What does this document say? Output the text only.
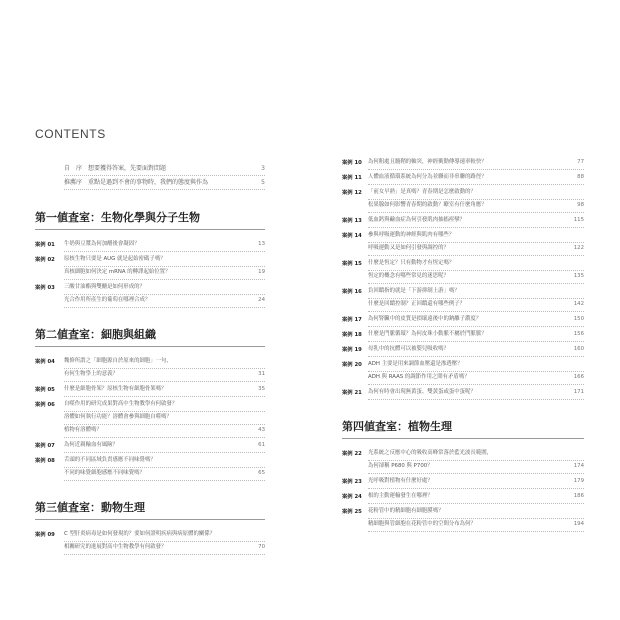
CONTENTS
自　序 想要獲得答案，先要面對問題	3
推薦序 重點是過到不會的事物時，我們的態度與作為	5
第一値査室：生物化學與分子生物
案例 01 牛奶與豆漿為何加醋後會凝固？	13
案例 02 原核生物只要是 AUG 就是起始密碼子嗎？
真核細胞如何決定 mRNA 的轉譯起始位置？	19
案例 03 三酸甘油酯與雙醣是如何形成的？
光合作用所產生的葡萄在哪裡合成？	24
第二値査室：細胞與組織
案例 04 魏修所謂之「細胞源自於原來的細胞」一句，
有何生物學上的意義？	31
案例 05 什麼是細胞骨架？原核生物有細胞骨架嗎？	35
案例 06 自噬作用的研究成果對高中生物教學有何啟發？
溶體如何執行功能？溶體會參與細胞自噬嗎？
植物有溶體嗎？	43
案例 07 為何近親輸血有風險？	61
案例 08 舌頭的不同區域負責感應不同味覺嗎？
不同的味覺細胞感應不同味覺嗎？	65
第三値査室：動物生理
案例 09 C 型肝炎病毒是如何發現的？要如何證明疾病與病原體的關係？
相關研究的進展對高中生物教學有何啟發？	70
案例 10 為何粗處且髓鞘的軸突，神經衝動傳導速率較快？	77
案例 11 人體血液循環系統為何分為並聯而非串聯的路徑？	88
案例 12 「前女早熟」是真嗎？青春期是怎麼啟動的？
松果腺如何影響青春期的啟動？瞭室有什麼角應？	98
案例 13 低血鈣與鹼血症為何引發肌肉抽搐痙攣？	115
案例 14 參與呼吸運動的神經與肌肉有哪些？
呼吸運動又是如何引發與調控的？	122
案例 15 什麼是恆定？只有動物才有恆定嗎？
恆定的概念有哪些常見的迷思呢？	135
案例 16 負回饋指的就是「下游抑制上游」嗎？
什麼是回饋控制？正回饋還有哪些例子？	142
案例 17 為何腎臟中的皮質是損壞遠後中的鈉離子濃度？	150
案例 18 什麼是門脈循環？為何皮珠小動脈不屬於門脈脈？	156
案例 19 母乳中的抗體可以被嬰兒吸收嗎？	160
案例 20 ADH 主要是用來調節血壓還是滲透壓？
ADH 與 RAAS 的調節作用之間有矛盾嗎？	166
案例 21 為何有時會出現無黃蛋、雙黃蛋或蛋中蛋呢？	171
第四値査室：植物生理
案例 22 光系統之反應中心的吸收高峰常落於藍光波長範圍，
為何卻稱 P680 與 P700？	174
案例 23 光呼吸對植物有什麼好處？	179
案例 24 根的主動運輸發生在哪裡？	186
案例 25 花粉管中的精細胞有細胞膜嗎？
精細胞與管細胞在花粉管中的空間分布為何？	194
